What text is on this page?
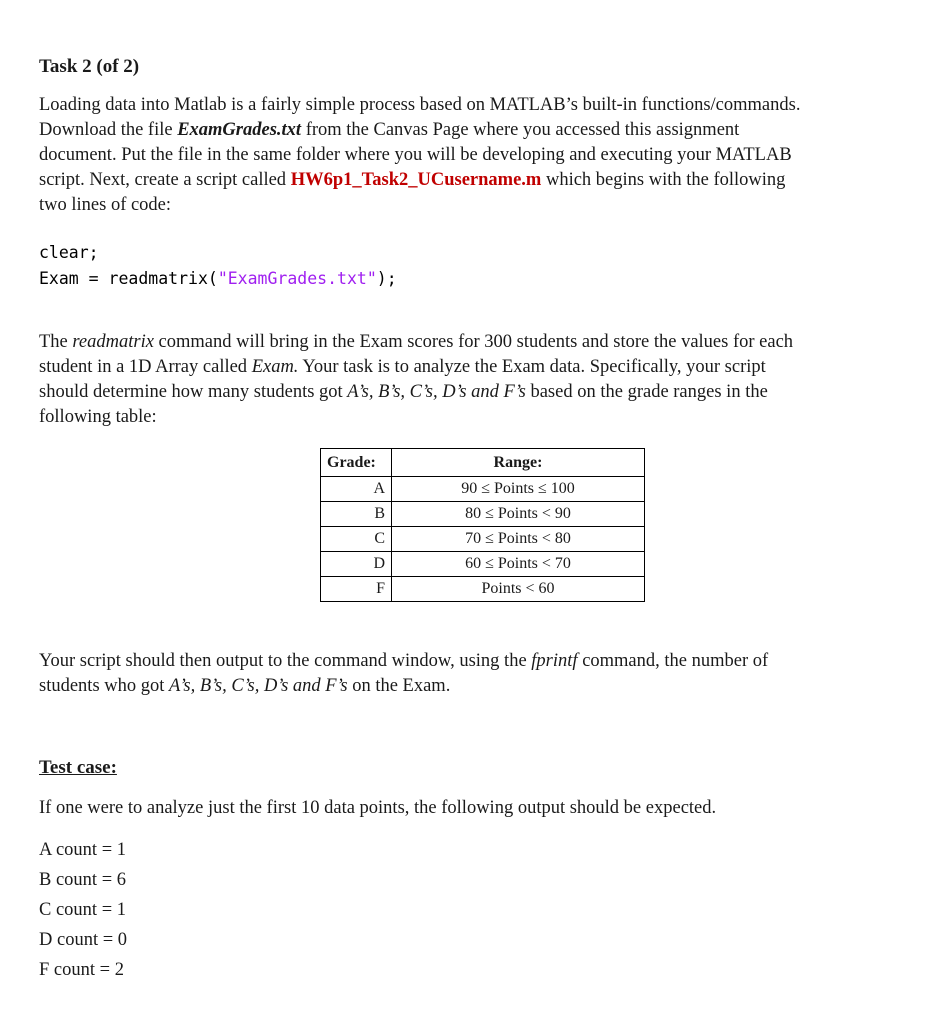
Task 2 (of 2)
Loading data into Matlab is a fairly simple process based on MATLAB’s built-in functions/commands.
Download the file ExamGrades.txt from the Canvas Page where you accessed this assignment
document. Put the file in the same folder where you will be developing and executing your MATLAB
script. Next, create a script called HW6p1_Task2_UCusername.m which begins with the following
two lines of code:
clear;
Exam = readmatrix("ExamGrades.txt");
The readmatrix command will bring in the Exam scores for 300 students and store the values for each
student in a 1D Array called Exam. Your task is to analyze the Exam data. Specifically, your script
should determine how many students got A’s, B’s, C’s, D’s and F’s based on the grade ranges in the
following table:
Grade:	Range:
A	90 ≤ Points ≤ 100
B	80 ≤ Points < 90
C	70 ≤ Points < 80
D	60 ≤ Points < 70
F	Points < 60
Your script should then output to the command window, using the fprintf command, the number of
students who got A’s, B’s, C’s, D’s and F’s on the Exam.
Test case:
If one were to analyze just the first 10 data points, the following output should be expected.
A count = 1
B count = 6
C count = 1
D count = 0
F count = 2
